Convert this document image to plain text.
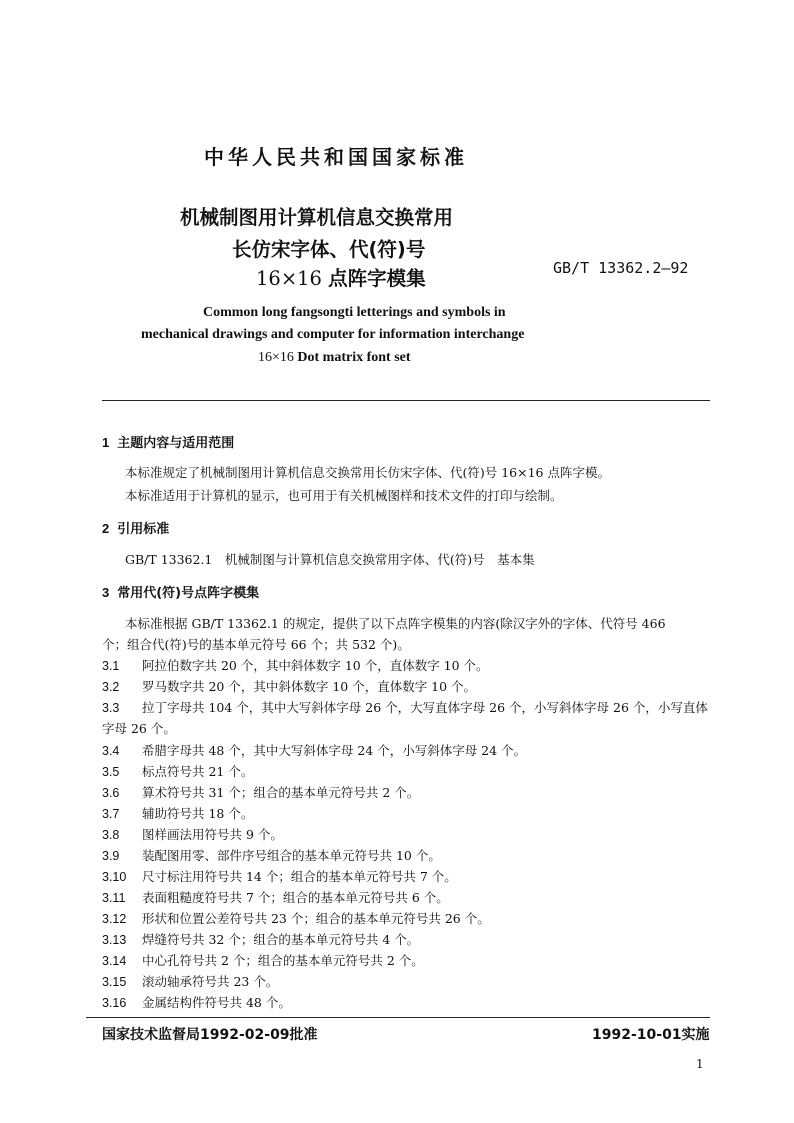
中华人民共和国国家标准
机械制图用计算机信息交换常用
长仿宋字体、代(符)号
16×16 点阵字模集	GB/T 13362.2—92
Common long fangsongti letterings and symbols in
mechanical drawings and computer for information interchange
16×16 Dot matrix font set
1 主题内容与适用范围
本标准规定了机械制图用计算机信息交换常用长仿宋字体、代(符)号 16×16 点阵字模。
本标准适用于计算机的显示，也可用于有关机械图样和技术文件的打印与绘制。
2 引用标准
GB/T 13362.1　机械制图与计算机信息交换常用字体、代(符)号　基本集
3 常用代(符)号点阵字模集
本标准根据 GB/T 13362.1 的规定，提供了以下点阵字模集的内容(除汉字外的字体、代符号 466
个；组合代(符)号的基本单元符号 66 个；共 532 个)。
3.1 阿拉伯数字共 20 个，其中斜体数字 10 个，直体数字 10 个。
3.2 罗马数字共 20 个，其中斜体数字 10 个，直体数字 10 个。
3.3 拉丁字母共 104 个，其中大写斜体字母 26 个，大写直体字母 26 个，小写斜体字母 26 个，小写直体
字母 26 个。
3.4 希腊字母共 48 个，其中大写斜体字母 24 个，小写斜体字母 24 个。
3.5 标点符号共 21 个。
3.6 算术符号共 31 个；组合的基本单元符号共 2 个。
3.7 辅助符号共 18 个。
3.8 图样画法用符号共 9 个。
3.9 装配图用零、部件序号组合的基本单元符号共 10 个。
3.10 尺寸标注用符号共 14 个；组合的基本单元符号共 7 个。
3.11 表面粗糙度符号共 7 个；组合的基本单元符号共 6 个。
3.12 形状和位置公差符号共 23 个；组合的基本单元符号共 26 个。
3.13 焊缝符号共 32 个；组合的基本单元符号共 4 个。
3.14 中心孔符号共 2 个；组合的基本单元符号共 2 个。
3.15 滚动轴承符号共 23 个。
3.16 金属结构件符号共 48 个。
国家技术监督局1992-02-09批准	1992-10-01实施
1
